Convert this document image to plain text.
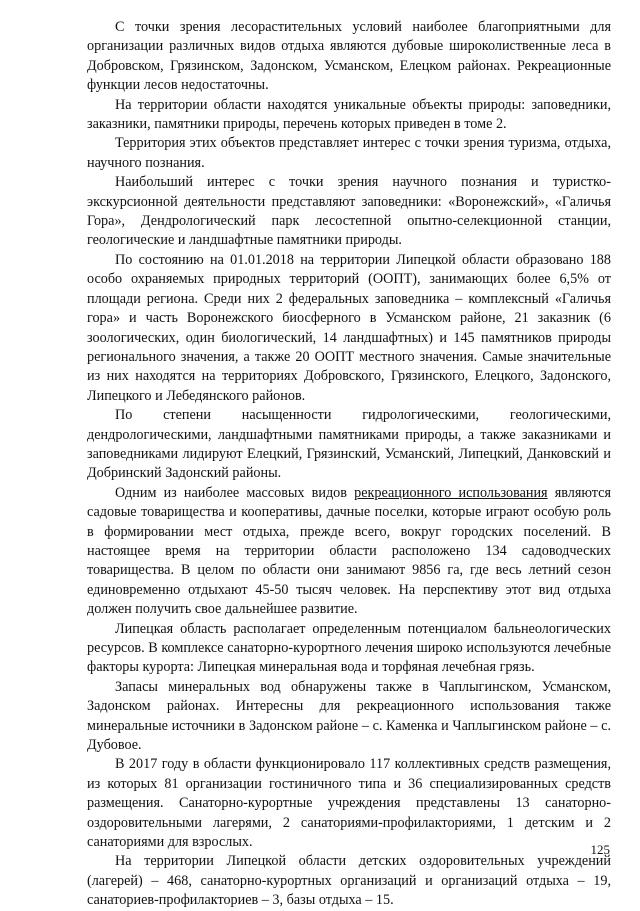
С точки зрения лесорастительных условий наиболее благоприятными для организации различных видов отдыха являются дубовые широколиственные леса в Добровском, Грязинском, Задонском, Усманском, Елецком районах. Рекреационные функции лесов недостаточны.

На территории области находятся уникальные объекты природы: заповедники, заказники, памятники природы, перечень которых приведен в томе 2.

Территория этих объектов представляет интерес с точки зрения туризма, отдыха, научного познания.

Наибольший интерес с точки зрения научного познания и туристко-экскурсионной деятельности представляют заповедники: «Воронежский», «Галичья Гора», Дендрологический парк лесостепной опытно-селекционной станции, геологические и ландшафтные памятники природы.

По состоянию на 01.01.2018 на территории Липецкой области образовано 188 особо охраняемых природных территорий (ООПТ), занимающих более 6,5% от площади региона. Среди них 2 федеральных заповедника – комплексный «Галичья гора» и часть Воронежского биосферного в Усманском районе, 21 заказник (6 зоологических, один биологический, 14 ландшафтных) и 145 памятников природы регионального значения, а также 20 ООПТ местного значения. Самые значительные из них находятся на территориях Добровского, Грязинского, Елецкого, Задонского, Липецкого и Лебедянского районов.

По степени насыщенности гидрологическими, геологическими, дендрологическими, ландшафтными памятниками природы, а также заказниками и заповедниками лидируют Елецкий, Грязинский, Усманский, Липецкий, Данковский и Добринский Задонский районы.

Одним из наиболее массовых видов рекреационного использования являются садовые товарищества и кооперативы, дачные поселки, которые играют особую роль в формировании мест отдыха, прежде всего, вокруг городских поселений. В настоящее время на территории области расположено 134 садоводческих товарищества. В целом по области они занимают 9856 га, где весь летний сезон единовременно отдыхают 45-50 тысяч человек. На перспективу этот вид отдыха должен получить свое дальнейшее развитие.

Липецкая область располагает определенным потенциалом бальнеологических ресурсов. В комплексе санаторно-курортного лечения широко используются лечебные факторы курорта: Липецкая минеральная вода и торфяная лечебная грязь.

Запасы минеральных вод обнаружены также в Чаплыгинском, Усманском, Задонском районах. Интересны для рекреационного использования также минеральные источники в Задонском районе – с. Каменка и Чаплыгинском районе – с. Дубовое.

В 2017 году в области функционировало 117 коллективных средств размещения, из которых 81 организации гостиничного типа и 36 специализированных средств размещения. Санаторно-курортные учреждения представлены 13 санаторно-оздоровительными лагерями, 2 санаториями-профилакториями, 1 детским и 2 санаториями для взрослых.

На территории Липецкой области детских оздоровительных учреждений (лагерей) – 468, санаторно-курортных организаций и организаций отдыха – 19, санаториев-профилакториев – 3, базы отдыха – 15.

125
